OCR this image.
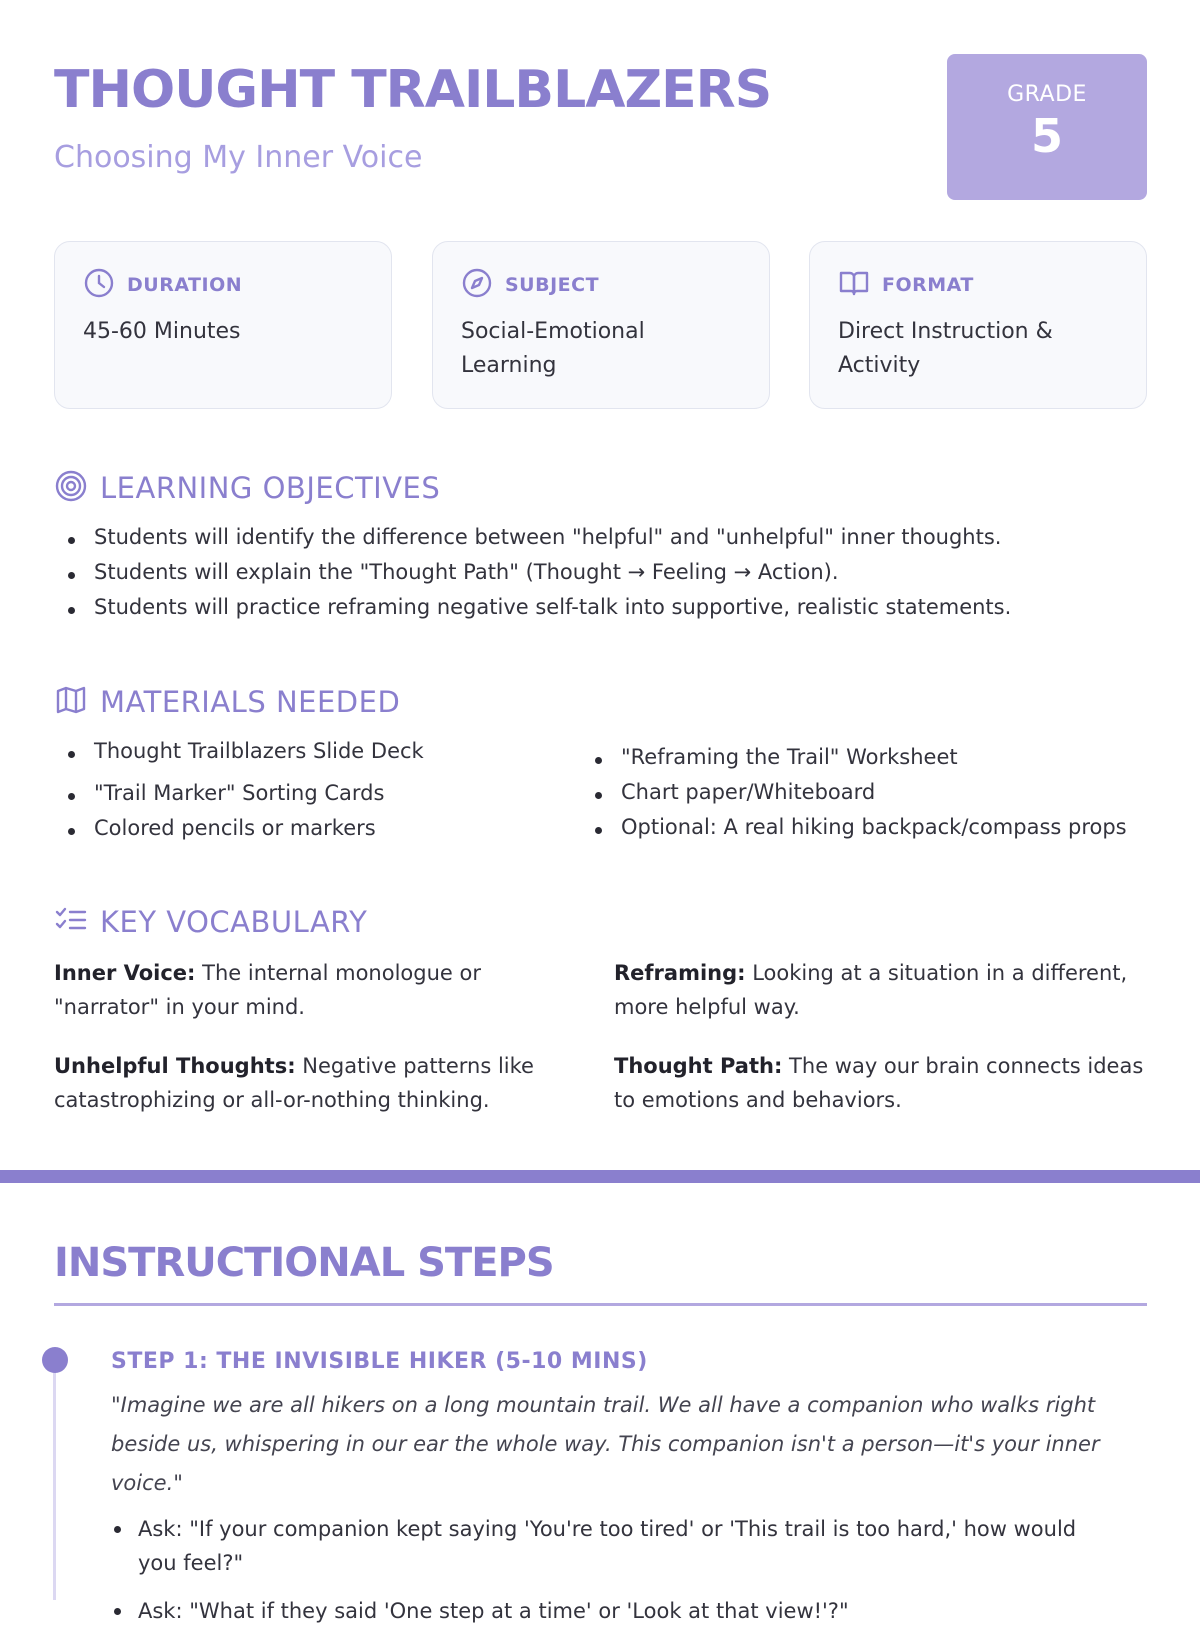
THOUGHT TRAILBLAZERS
Choosing My Inner Voice
GRADE
5
DURATION
45-60 Minutes
SUBJECT
Social-Emotional Learning
FORMAT
Direct Instruction & Activity
LEARNING OBJECTIVES
Students will identify the difference between "helpful" and "unhelpful" inner thoughts.
Students will explain the "Thought Path" (Thought → Feeling → Action).
Students will practice reframing negative self-talk into supportive, realistic statements.
MATERIALS NEEDED
Thought Trailblazers Slide Deck
"Trail Marker" Sorting Cards
Colored pencils or markers
"Reframing the Trail" Worksheet
Chart paper/Whiteboard
Optional: A real hiking backpack/compass props
KEY VOCABULARY
Inner Voice: The internal monologue or "narrator" in your mind.
Reframing: Looking at a situation in a different, more helpful way.
Unhelpful Thoughts: Negative patterns like catastrophizing or all-or-nothing thinking.
Thought Path: The way our brain connects ideas to emotions and behaviors.
INSTRUCTIONAL STEPS
STEP 1: THE INVISIBLE HIKER (5-10 MINS)
"Imagine we are all hikers on a long mountain trail. We all have a companion who walks right beside us, whispering in our ear the whole way. This companion isn't a person—it's your inner voice."
Ask: "If your companion kept saying 'You're too tired' or 'This trail is too hard,' how would you feel?"
Ask: "What if they said 'One step at a time' or 'Look at that view!'?"
